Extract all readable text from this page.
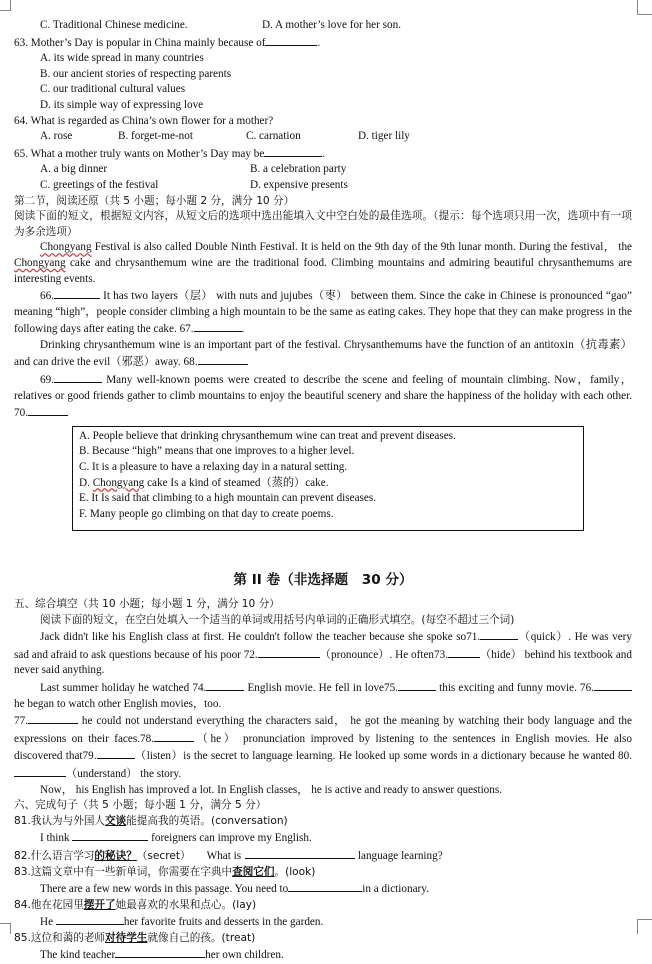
C. Traditional Chinese medicine.	D. A mother’s love for her son.

63. Mother’s Day is popular in China mainly because of	.

A. its wide spread in many countries

B. our ancient stories of respecting parents

C. our traditional cultural values

D. its simple way of expressing love

64. What is regarded as China’s own flower for a mother?

A. rose	B. forget-me-not	C. carnation	D. tiger lily

65. What a mother truly wants on Mother’s Day may be	.

A. a big dinner	B. a celebration party

C. greetings of the festival	D. expensive presents

第二节，阅读还原（共 5 小题；每小题 2 分，满分 10 分）

阅读下面的短文，根据短文内容，从短文后的选项中选出能填入文中空白处的最佳选项。（提示：每个选项只用一次，选项中有一项为多余选项）

Chongyang Festival is also called Double Ninth Festival. It is held on the 9th day of the 9th lunar month. During the festival， the Chongyang cake and chrysanthemum wine are the traditional food. Climbing mountains and admiring beautiful chrysanthemums are interesting events.

66.	It has two layers（层） with nuts and jujubes（枣） between them. Since the cake in Chinese is pronounced “gao” meaning “high”，people consider climbing a high mountain to be the same as eating cakes. They hope that they can make progress in the following days after eating the cake. 67.	.

Drinking chrysanthemum wine is an important part of the festival. Chrysanthemums have the function of an antitoxin（抗毒素） and can drive the evil（邪恶）away. 68.

69.	Many well-known poems were created to describe the scene and feeling of mountain climbing. Now，family，relatives or good friends gather to climb mountains to enjoy the beautiful scenery and share the happiness of the holiday with each other. 70.

A. People believe that drinking chrysanthemum wine can treat and prevent diseases.

B. Because “high” means that one improves to a higher level.

C. It is a pleasure to have a relaxing day in a natural setting.

D. Chongyang cake Is a kind of steamed（蒸的）cake.

E. It Is said that climbing to a high mountain can prevent diseases.

F. Many people go climbing on that day to create poems.

第 II 卷（非选择题　30 分）

五、综合填空（共 10 小题；每小题 1 分，满分 10 分）

阅读下面的短文，在空白处填入一个适当的单词或用括号内单词的正确形式填空。(每空不超过三个词)

Jack didn't like his English class at first. He couldn't follow the teacher because she spoke so71.	（quick）. He was very sad and afraid to ask questions because of his poor 72.	（pronounce）. He often73.	（hide） behind his textbook and never said anything.

Last summer holiday he watched 74.	English movie. He fell in love75.	this exciting and funny movie. 76. he began to watch other English movies，too.

77.	he could not understand everything the characters said， he got the meaning by watching their body language and the expressions on their faces.78.	（he） pronunciation improved by listening to the sentences in English movies. He also discovered that79.	（listen）is the secret to language learning. He looked up some words in a dictionary because he wanted 80.（understand） the story.

Now， his English has improved a lot. In English classes， he is active and ready to answer questions.

六、完成句子（共 5 小题；每小题 1 分，满分 5 分）

81.我认为与外国人交谈能提高我的英语。(conversation)

I think	foreigners can improve my English.

82.什么语言学习的秘诀？（secret） What is	language learning?

83.这篇文章中有一些新单词，你需要在字典中查阅它们。(look)

There are a few new words in this passage. You need to	in a dictionary.

84.他在花园里摆开了她最喜欢的水果和点心。(lay)

He	her favorite fruits and desserts in the garden.

85.这位和蔼的老师对待学生就像自己的孩。(treat)

The kind teacher	her own children.
